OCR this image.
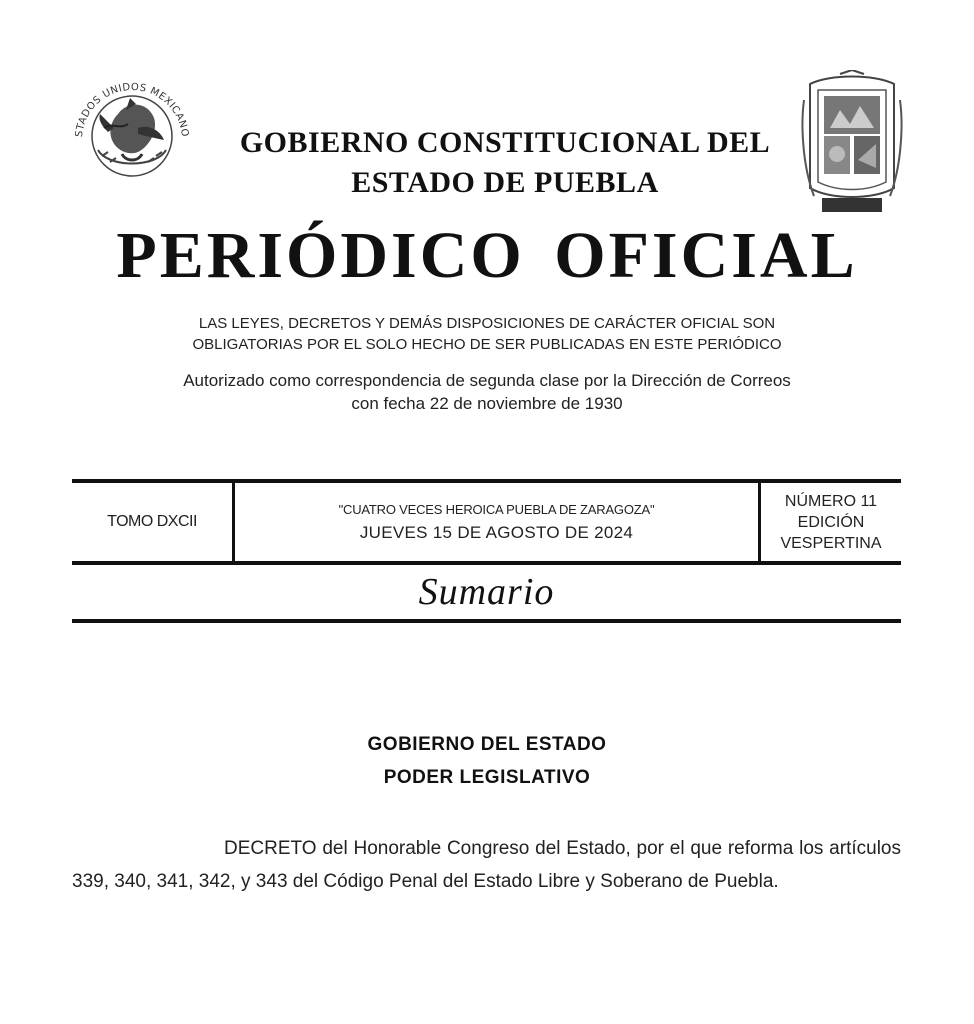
STADOS UNIDOS MEXICANO	GOBIERNO CONSTITUCIONAL DEL
ESTADO DE PUEBLA
PERIÓDICO OFICIAL
LAS LEYES, DECRETOS Y DEMÁS DISPOSICIONES DE CARÁCTER OFICIAL SON
OBLIGATORIAS POR EL SOLO HECHO DE SER PUBLICADAS EN ESTE PERIÓDICO
Autorizado como correspondencia de segunda clase por la Dirección de Correos
con fecha 22 de noviembre de 1930
TOMO DXCII
"CUATRO VECES HEROICA PUEBLA DE ZARAGOZA"
JUEVES 15 DE AGOSTO DE 2024
NÚMERO 11
EDICIÓN
VESPERTINA
Sumario
GOBIERNO DEL ESTADO
PODER LEGISLATIVO
DECRETO del Honorable Congreso del Estado, por el que reforma los artículos 339, 340, 341, 342, y 343 del Código Penal del Estado Libre y Soberano de Puebla.
